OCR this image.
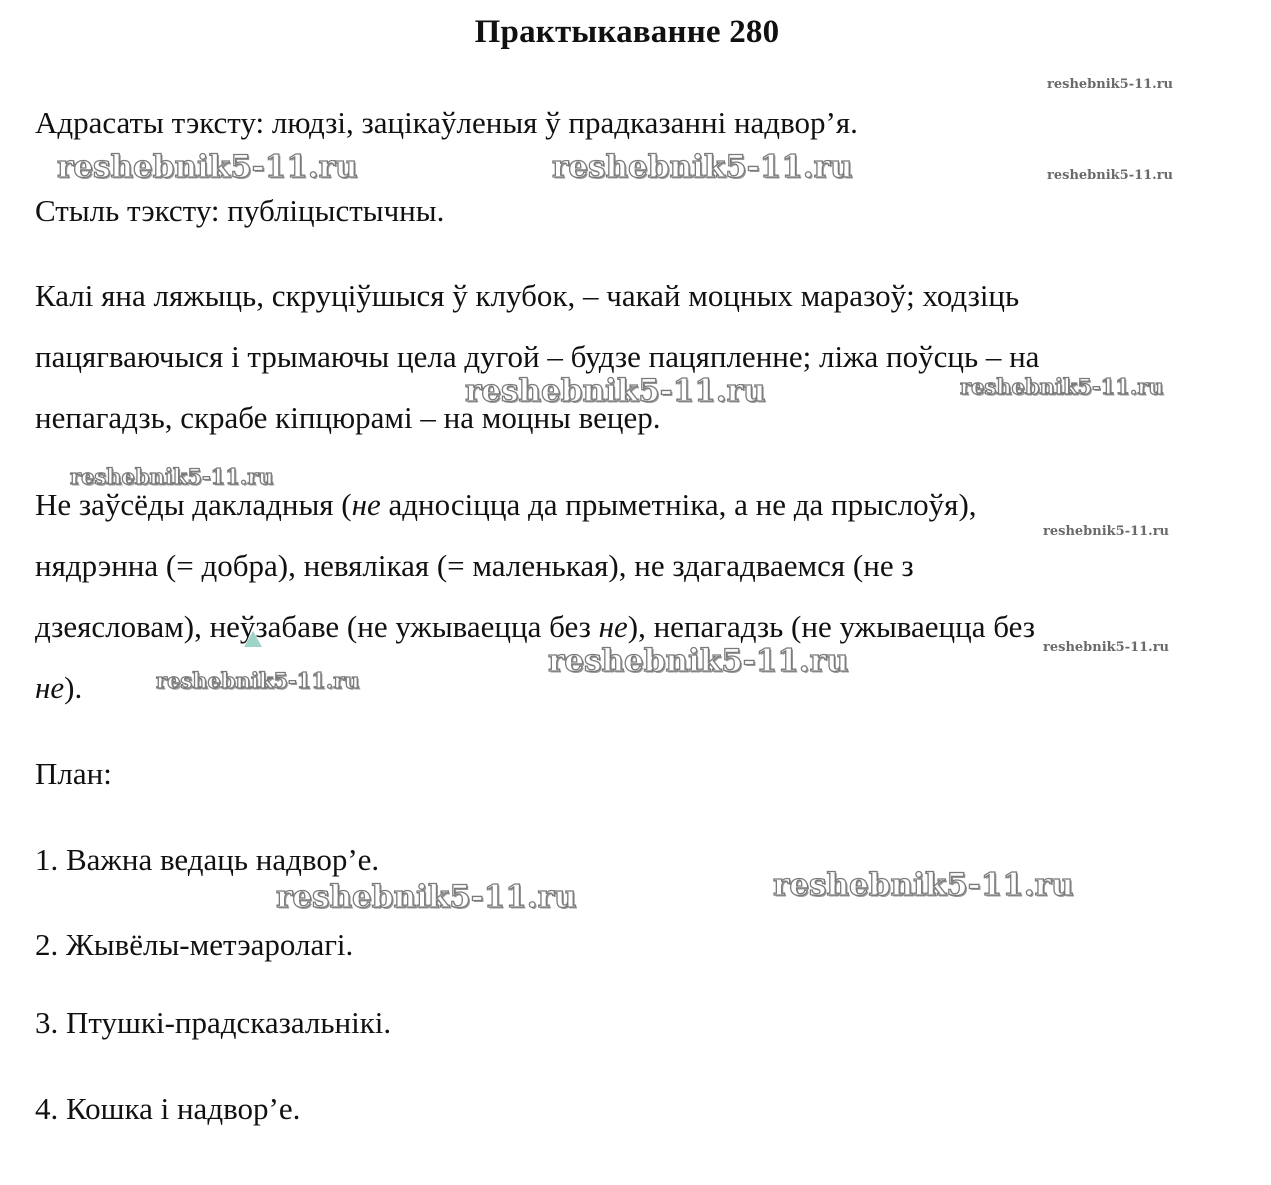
Практыкаванне 280

Адрасаты тэксту: людзі, зацікаўленыя ў прадказанні надвор’я.

Стыль тэксту: публіцыстычны.

Калі яна ляжыць, скруціўшыся ў клубок, – чакай моцных маразоў; ходзіць

пацягваючыся і трымаючы цела дугой – будзе пацяпленне; ліжа поўсць – на

непагадзь, скрабе кіпцюрамі – на моцны вецер.

Не заўсёды дакладныя (не адносіцца да прыметніка, а не да прыслоўя),

нядрэнна (= добра), невялікая (= маленькая), не здагадваемся (не з

дзеясловам), неўзабаве (не ужываецца без не), непагадзь (не ужываецца без

не).

План:

1. Важна ведаць надвор’е.

2. Жывёлы-метэаролагі.

3. Птушкі-прадсказальнікі.

4. Кошка і надвор’е.

reshebnik5-11.ru
reshebnik5-11.ru	reshebnik5-11.ru	reshebnik5-11.ru
reshebnik5-11.ru	reshebnik5-11.ru
reshebnik5-11.ru
reshebnik5-11.ru
reshebnik5-11.ru
reshebnik5-11.ru
reshebnik5-11.ru
reshebnik5-11.ru
reshebnik5-11.ru
